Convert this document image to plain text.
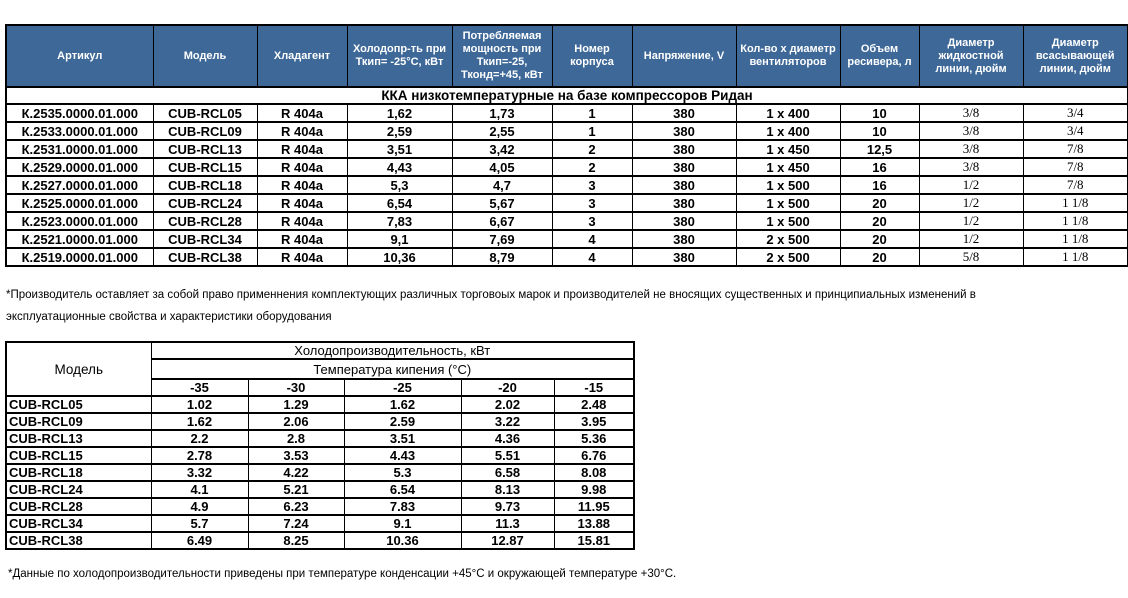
Артикул	Модель	Хладагент	Холодопр-ть при Ткип= -25°С, кВт	Потребляемая мощность при Ткип=-25, Тконд=+45, кВт	Номер корпуса	Напряжение, V	Кол-во х диаметр вентиляторов	Объем ресивера, л	Диаметр жидкостной линии, дюйм	Диаметр всасывающей линии, дюйм
ККА низкотемпературные на базе компрессоров Ридан										
К.2535.0000.01.000	CUB-RCL05	R 404a	1,62	1,73	1	380	1 x 400	10	3/8	3/4
К.2533.0000.01.000	CUB-RCL09	R 404a	2,59	2,55	1	380	1 x 400	10	3/8	3/4
К.2531.0000.01.000	CUB-RCL13	R 404a	3,51	3,42	2	380	1 x 450	12,5	3/8	7/8
К.2529.0000.01.000	CUB-RCL15	R 404a	4,43	4,05	2	380	1 x 450	16	3/8	7/8
К.2527.0000.01.000	CUB-RCL18	R 404a	5,3	4,7	3	380	1 x 500	16	1/2	7/8
К.2525.0000.01.000	CUB-RCL24	R 404a	6,54	5,67	3	380	1 x 500	20	1/2	1 1/8
К.2523.0000.01.000	CUB-RCL28	R 404a	7,83	6,67	3	380	1 x 500	20	1/2	1 1/8
К.2521.0000.01.000	CUB-RCL34	R 404a	9,1	7,69	4	380	2 x 500	20	1/2	1 1/8
К.2519.0000.01.000	CUB-RCL38	R 404a	10,36	8,79	4	380	2 x 500	20	5/8	1 1/8
*Производитель оставляет за собой право применнения комплектующих различных торговоых марок и производителей не вносящих существенных и принципиальных изменений в
эксплуатационные свойства и характеристики оборудования
Модель	Холодопроизводительность, кВт				
	Температура кипения (°С)				
	-35	-30	-25	-20	-15
CUB-RCL05	1.02	1.29	1.62	2.02	2.48
CUB-RCL09	1.62	2.06	2.59	3.22	3.95
CUB-RCL13	2.2	2.8	3.51	4.36	5.36
CUB-RCL15	2.78	3.53	4.43	5.51	6.76
CUB-RCL18	3.32	4.22	5.3	6.58	8.08
CUB-RCL24	4.1	5.21	6.54	8.13	9.98
CUB-RCL28	4.9	6.23	7.83	9.73	11.95
CUB-RCL34	5.7	7.24	9.1	11.3	13.88
CUB-RCL38	6.49	8.25	10.36	12.87	15.81
*Данные по холодопроизводительности приведены при температуре конденсации +45°С и окружающей температуре +30°С.
